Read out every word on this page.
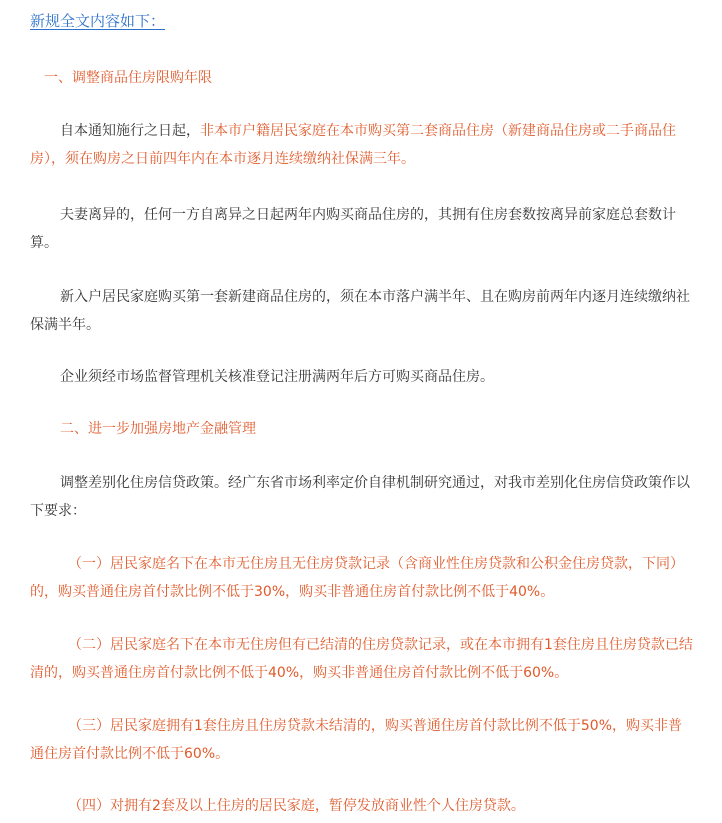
新规全文内容如下：

一、调整商品住房限购年限

自本通知施行之日起，非本市户籍居民家庭在本市购买第二套商品住房（新建商品住房或二手商品住房），须在购房之日前四年内在本市逐月连续缴纳社保满三年。

夫妻离异的，任何一方自离异之日起两年内购买商品住房的，其拥有住房套数按离异前家庭总套数计算。

新入户居民家庭购买第一套新建商品住房的，须在本市落户满半年、且在购房前两年内逐月连续缴纳社保满半年。

企业须经市场监督管理机关核准登记注册满两年后方可购买商品住房。

二、进一步加强房地产金融管理

调整差别化住房信贷政策。经广东省市场利率定价自律机制研究通过，对我市差别化住房信贷政策作以下要求：

（一）居民家庭名下在本市无住房且无住房贷款记录（含商业性住房贷款和公积金住房贷款，下同）的，购买普通住房首付款比例不低于30%，购买非普通住房首付款比例不低于40%。

（二）居民家庭名下在本市无住房但有已结清的住房贷款记录，或在本市拥有1套住房且住房贷款已结清的，购买普通住房首付款比例不低于40%，购买非普通住房首付款比例不低于60%。

（三）居民家庭拥有1套住房且住房贷款未结清的，购买普通住房首付款比例不低于50%，购买非普通住房首付款比例不低于60%。

（四）对拥有2套及以上住房的居民家庭，暂停发放商业性个人住房贷款。
